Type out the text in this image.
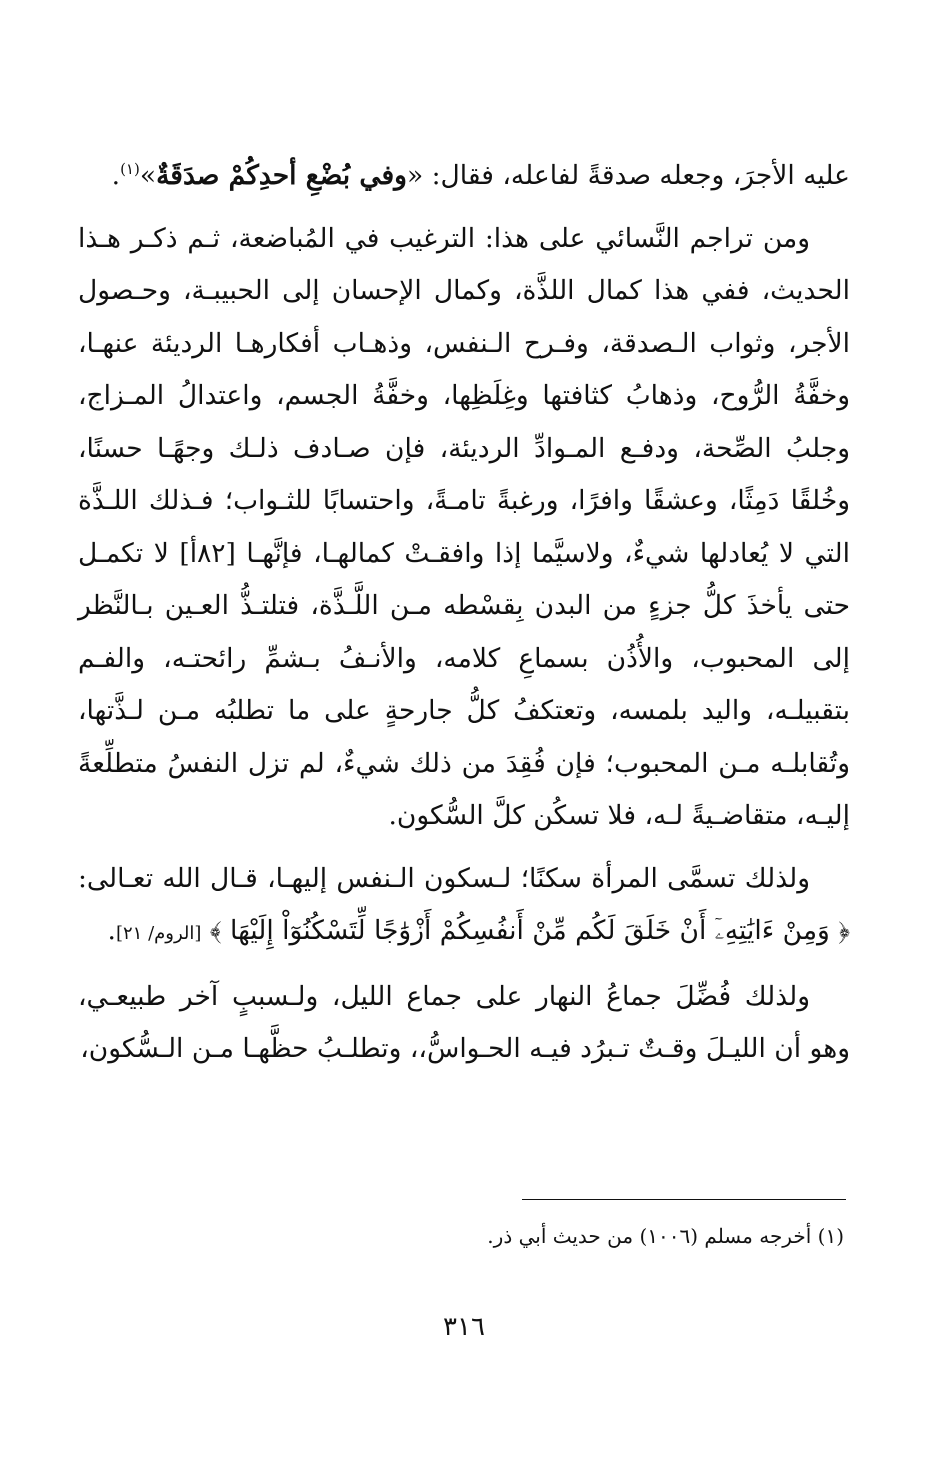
عليه الأجرَ، وجعله صدقةً لفاعله، فقال: «وفي بُضْعِ أحدِكُمْ صدَقَةٌ»$^{(١)}$.

ومن تراجم النَّسائي على هذا: الترغيب في المُباضعة، ثـم ذكـر هـذا الحديث، ففي هذا كمال اللذَّة، وكمال الإحسان إلى الحبيبـة، وحـصول الأجر، وثواب الـصدقة، وفـرح الـنفس، وذهـاب أفكارهـا الرديئة عنهـا، وخفَّةُ الرُّوح، وذهابُ كثافتها وغِلَظِها، وخفَّةُ الجسم، واعتدالُ المـزاج، وجلبُ الصِّحة، ودفـع المـوادِّ الرديئة، فإن صـادف ذلـك وجهًـا حسنًا، وخُلقًا دَمِثًا، وعشقًا وافرًا، ورغبةً تامـةً، واحتسابًا للثـواب؛ فـذلك اللـذَّة التي لا يُعادلها شيءٌ، ولاسيَّما إذا وافقـتْ كمالهـا، فإنَّهـا [٨٢أ] لا تكمـل حتى يأخذَ كلُّ جزءٍ من البدن بِقسْطه مـن اللَّـذَّة، فتلتـذُّ العـين بـالنَّظر إلى المحبوب، والأُذُن بسماعِ كلامه، والأنـفُ بـشمِّ رائحتـه، والفـم بتقبيلـه، واليد بلمسه، وتعتكفُ كلُّ جارحةٍ على ما تطلبُه مـن لـذَّتها، وتُقابلـه مـن المحبوب؛ فإن فُقِدَ من ذلك شيءٌ، لم تزل النفسُ متطلِّعةً إليـه، متقاضـيةً لـه، فلا تسكُن كلَّ السُّكون.

ولذلك تسمَّى المرأة سكنًا؛ لـسكون الـنفس إليهـا، قـال الله تعـالى: ﴿ وَمِنْ ءَايَٰتِهِۦٓ أَنْ خَلَقَ لَكُم مِّنْ أَنفُسِكُمْ أَزْوَٰجًا لِّتَسْكُنُوٓاْ إِلَيْهَا ﴾ [الروم/ ٢١].

ولذلك فُضِّلَ جماعُ النهار على جماع الليل، ولـسببٍ آخر طبيعـي، وهو أن الليـلَ وقـتٌ تـبرُد فيـه الحـواسُّ،، وتطلـبُ حظَّهـا مـن الـسُّكون،

(١) أخرجه مسلم (١٠٠٦) من حديث أبي ذر.
٣١٦
